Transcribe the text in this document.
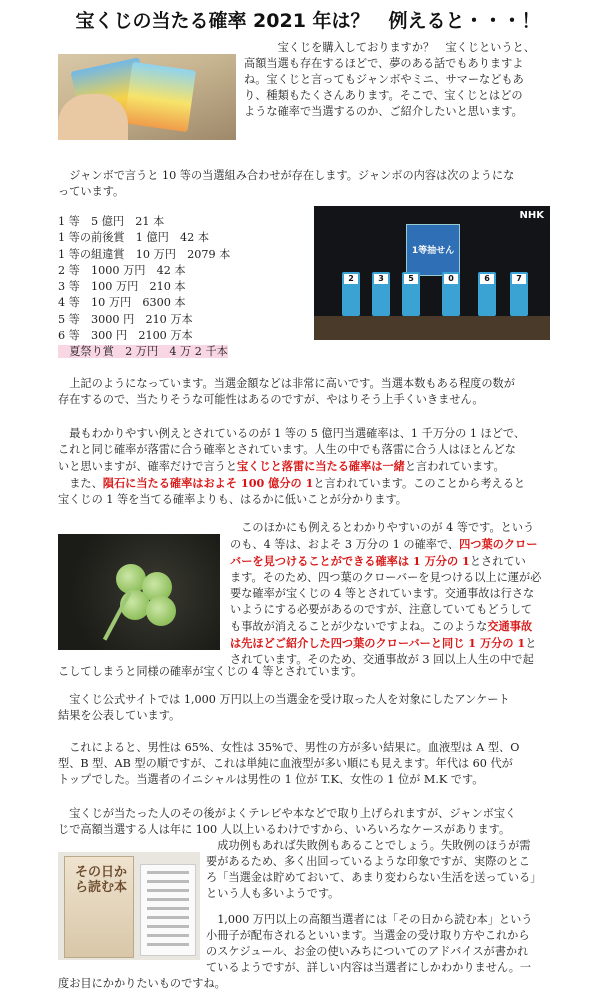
宝くじの当たる確率 2021 年は？　例えると・・・！

　　　宝くじを購入しておりますか？　宝くじというと、

高額当選も存在するほどで、夢のある話でもありますよ

ね。宝くじと言ってもジャンボやミニ、サマーなどもあ

り、種類もたくさんあります。そこで、宝くじとはどの

ような確率で当選するのか、ご紹介したいと思います。

　ジャンボで言うと 10 等の当選組み合わせが存在します。ジャンボの内容は次のようにな

っています。

1 等　5 億円　21 本
1 等の前後賞　1 億円　42 本
1 等の組違賞　10 万円　2079 本
2 等　1000 万円　42 本
3 等　100 万円　210 本
4 等　10 万円　6300 本
5 等　3000 円　210 万本
6 等　300 円　2100 万本
　夏祭り賞　2 万円　4 万 2 千本
NHK
1等抽せん
2	3	5	0	6	7

　上記のようになっています。当選金額などは非常に高いです。当選本数もある程度の数が

存在するので、当たりそうな可能性はあるのですが、やはりそう上手くいきません。

　最もわかりやすい例えとされているのが 1 等の 5 億円当選確率は、1 千万分の 1 ほどで、

これと同じ確率が落雷に合う確率とされています。人生の中でも落雷に合う人はほとんどな

いと思いますが、確率だけで言うと宝くじと落雷に当たる確率は一緒と言われています。

　また、隕石に当たる確率はおよそ 100 億分の 1と言われています。このことから考えると

宝くじの 1 等を当てる確率よりも、はるかに低いことが分かります。

　このほかにも例えるとわかりやすいのが 4 等です。という

のも、4 等は、およそ 3 万分の 1 の確率で、四つ葉のクロー

バーを見つけることができる確率は 1 万分の 1とされてい

ます。そのため、四つ葉のクローバーを見つける以上に運が必

要な確率が宝くじの 4 等とされています。交通事故は行さな

いようにする必要があるのですが、注意していてもどうして

も事故が消えることが少ないですよね。このような交通事故

は先ほどご紹介した四つ葉のクローバーと同じ 1 万分の 1と

されています。そのため、交通事故が 3 回以上人生の中で起

こしてしまうと同様の確率が宝くじの 4 等とされています。

　宝くじ公式サイトでは 1,000 万円以上の当選金を受け取った人を対象にしたアンケート

結果を公表しています。

　これによると、男性は 65%、女性は 35%で、男性の方が多い結果に。血液型は A 型、O

型、B 型、AB 型の順ですが、これは単純に血液型が多い順にも見えます。年代は 60 代が

トップでした。当選者のイニシャルは男性の 1 位が T.K、女性の 1 位が M.K です。

　宝くじが当たった人のその後がよくテレビや本などで取り上げられますが、ジャンボ宝く

じで高額当選する人は年に 100 人以上いるわけですから、いろいろなケースがあります。

　成功例もあれば失敗例もあることでしょう。失敗例のほうが需

要があるため、多く出回っているような印象ですが、実際のとこ

ろ「当選金は貯めておいて、あまり変わらない生活を送っている」

という人も多いようです。

その日から読む本

　1,000 万円以上の高額当選者には「その日から読む本」という

小冊子が配布されるといいます。当選金の受け取り方やこれから

のスケジュール、お金の使いみちについてのアドバイスが書かれ

ているようですが、詳しい内容は当選者にしかわかりません。一

度お目にかかりたいものですね。
